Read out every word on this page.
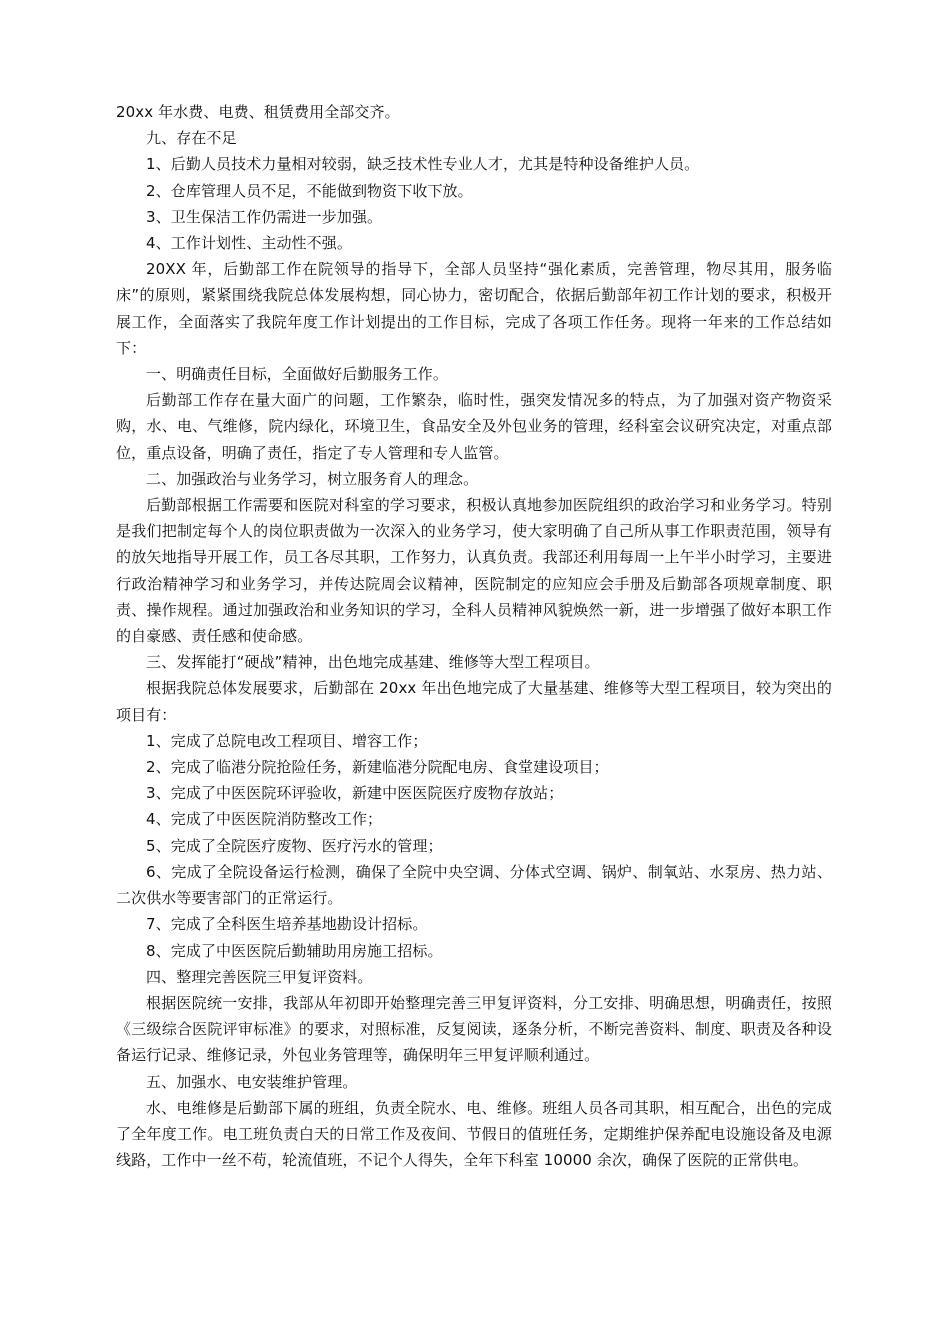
20xx 年水费、电费、租赁费用全部交齐。

九、存在不足

1、后勤人员技术力量相对较弱，缺乏技术性专业人才，尤其是特种设备维护人员。

2、仓库管理人员不足，不能做到物资下收下放。

3、卫生保洁工作仍需进一步加强。

4、工作计划性、主动性不强。

20XX 年，后勤部工作在院领导的指导下，全部人员坚持“强化素质，完善管理，物尽其用，服务临床”的原则，紧紧围绕我院总体发展构想，同心协力，密切配合，依据后勤部年初工作计划的要求，积极开展工作，全面落实了我院年度工作计划提出的工作目标，完成了各项工作任务。现将一年来的工作总结如下：

一、明确责任目标，全面做好后勤服务工作。

后勤部工作存在量大面广的问题，工作繁杂，临时性，强突发情况多的特点，为了加强对资产物资采购，水、电、气维修，院内绿化，环境卫生，食品安全及外包业务的管理，经科室会议研究决定，对重点部位，重点设备，明确了责任，指定了专人管理和专人监管。

二、加强政治与业务学习，树立服务育人的理念。

后勤部根据工作需要和医院对科室的学习要求，积极认真地参加医院组织的政治学习和业务学习。特别是我们把制定每个人的岗位职责做为一次深入的业务学习，使大家明确了自己所从事工作职责范围，领导有的放矢地指导开展工作，员工各尽其职，工作努力，认真负责。我部还利用每周一上午半小时学习，主要进行政治精神学习和业务学习，并传达院周会议精神，医院制定的应知应会手册及后勤部各项规章制度、职责、操作规程。通过加强政治和业务知识的学习，全科人员精神风貌焕然一新，进一步增强了做好本职工作的自豪感、责任感和使命感。

三、发挥能打“硬战”精神，出色地完成基建、维修等大型工程项目。

根据我院总体发展要求，后勤部在 20xx 年出色地完成了大量基建、维修等大型工程项目，较为突出的项目有：

1、完成了总院电改工程项目、增容工作；

2、完成了临港分院抢险任务，新建临港分院配电房、食堂建设项目；

3、完成了中医医院环评验收，新建中医医院医疗废物存放站；

4、完成了中医医院消防整改工作；

5、完成了全院医疗废物、医疗污水的管理；

6、完成了全院设备运行检测，确保了全院中央空调、分体式空调、锅炉、制氧站、水泵房、热力站、二次供水等要害部门的正常运行。

7、完成了全科医生培养基地勘设计招标。

8、完成了中医医院后勤辅助用房施工招标。

四、整理完善医院三甲复评资料。

根据医院统一安排，我部从年初即开始整理完善三甲复评资料，分工安排、明确思想，明确责任，按照《三级综合医院评审标准》的要求，对照标准，反复阅读，逐条分析，不断完善资料、制度、职责及各种设备运行记录、维修记录，外包业务管理等，确保明年三甲复评顺利通过。

五、加强水、电安装维护管理。

水、电维修是后勤部下属的班组，负责全院水、电、维修。班组人员各司其职，相互配合，出色的完成了全年度工作。电工班负责白天的日常工作及夜间、节假日的值班任务，定期维护保养配电设施设备及电源线路，工作中一丝不苟，轮流值班，不记个人得失，全年下科室 10000 余次，确保了医院的正常供电。
